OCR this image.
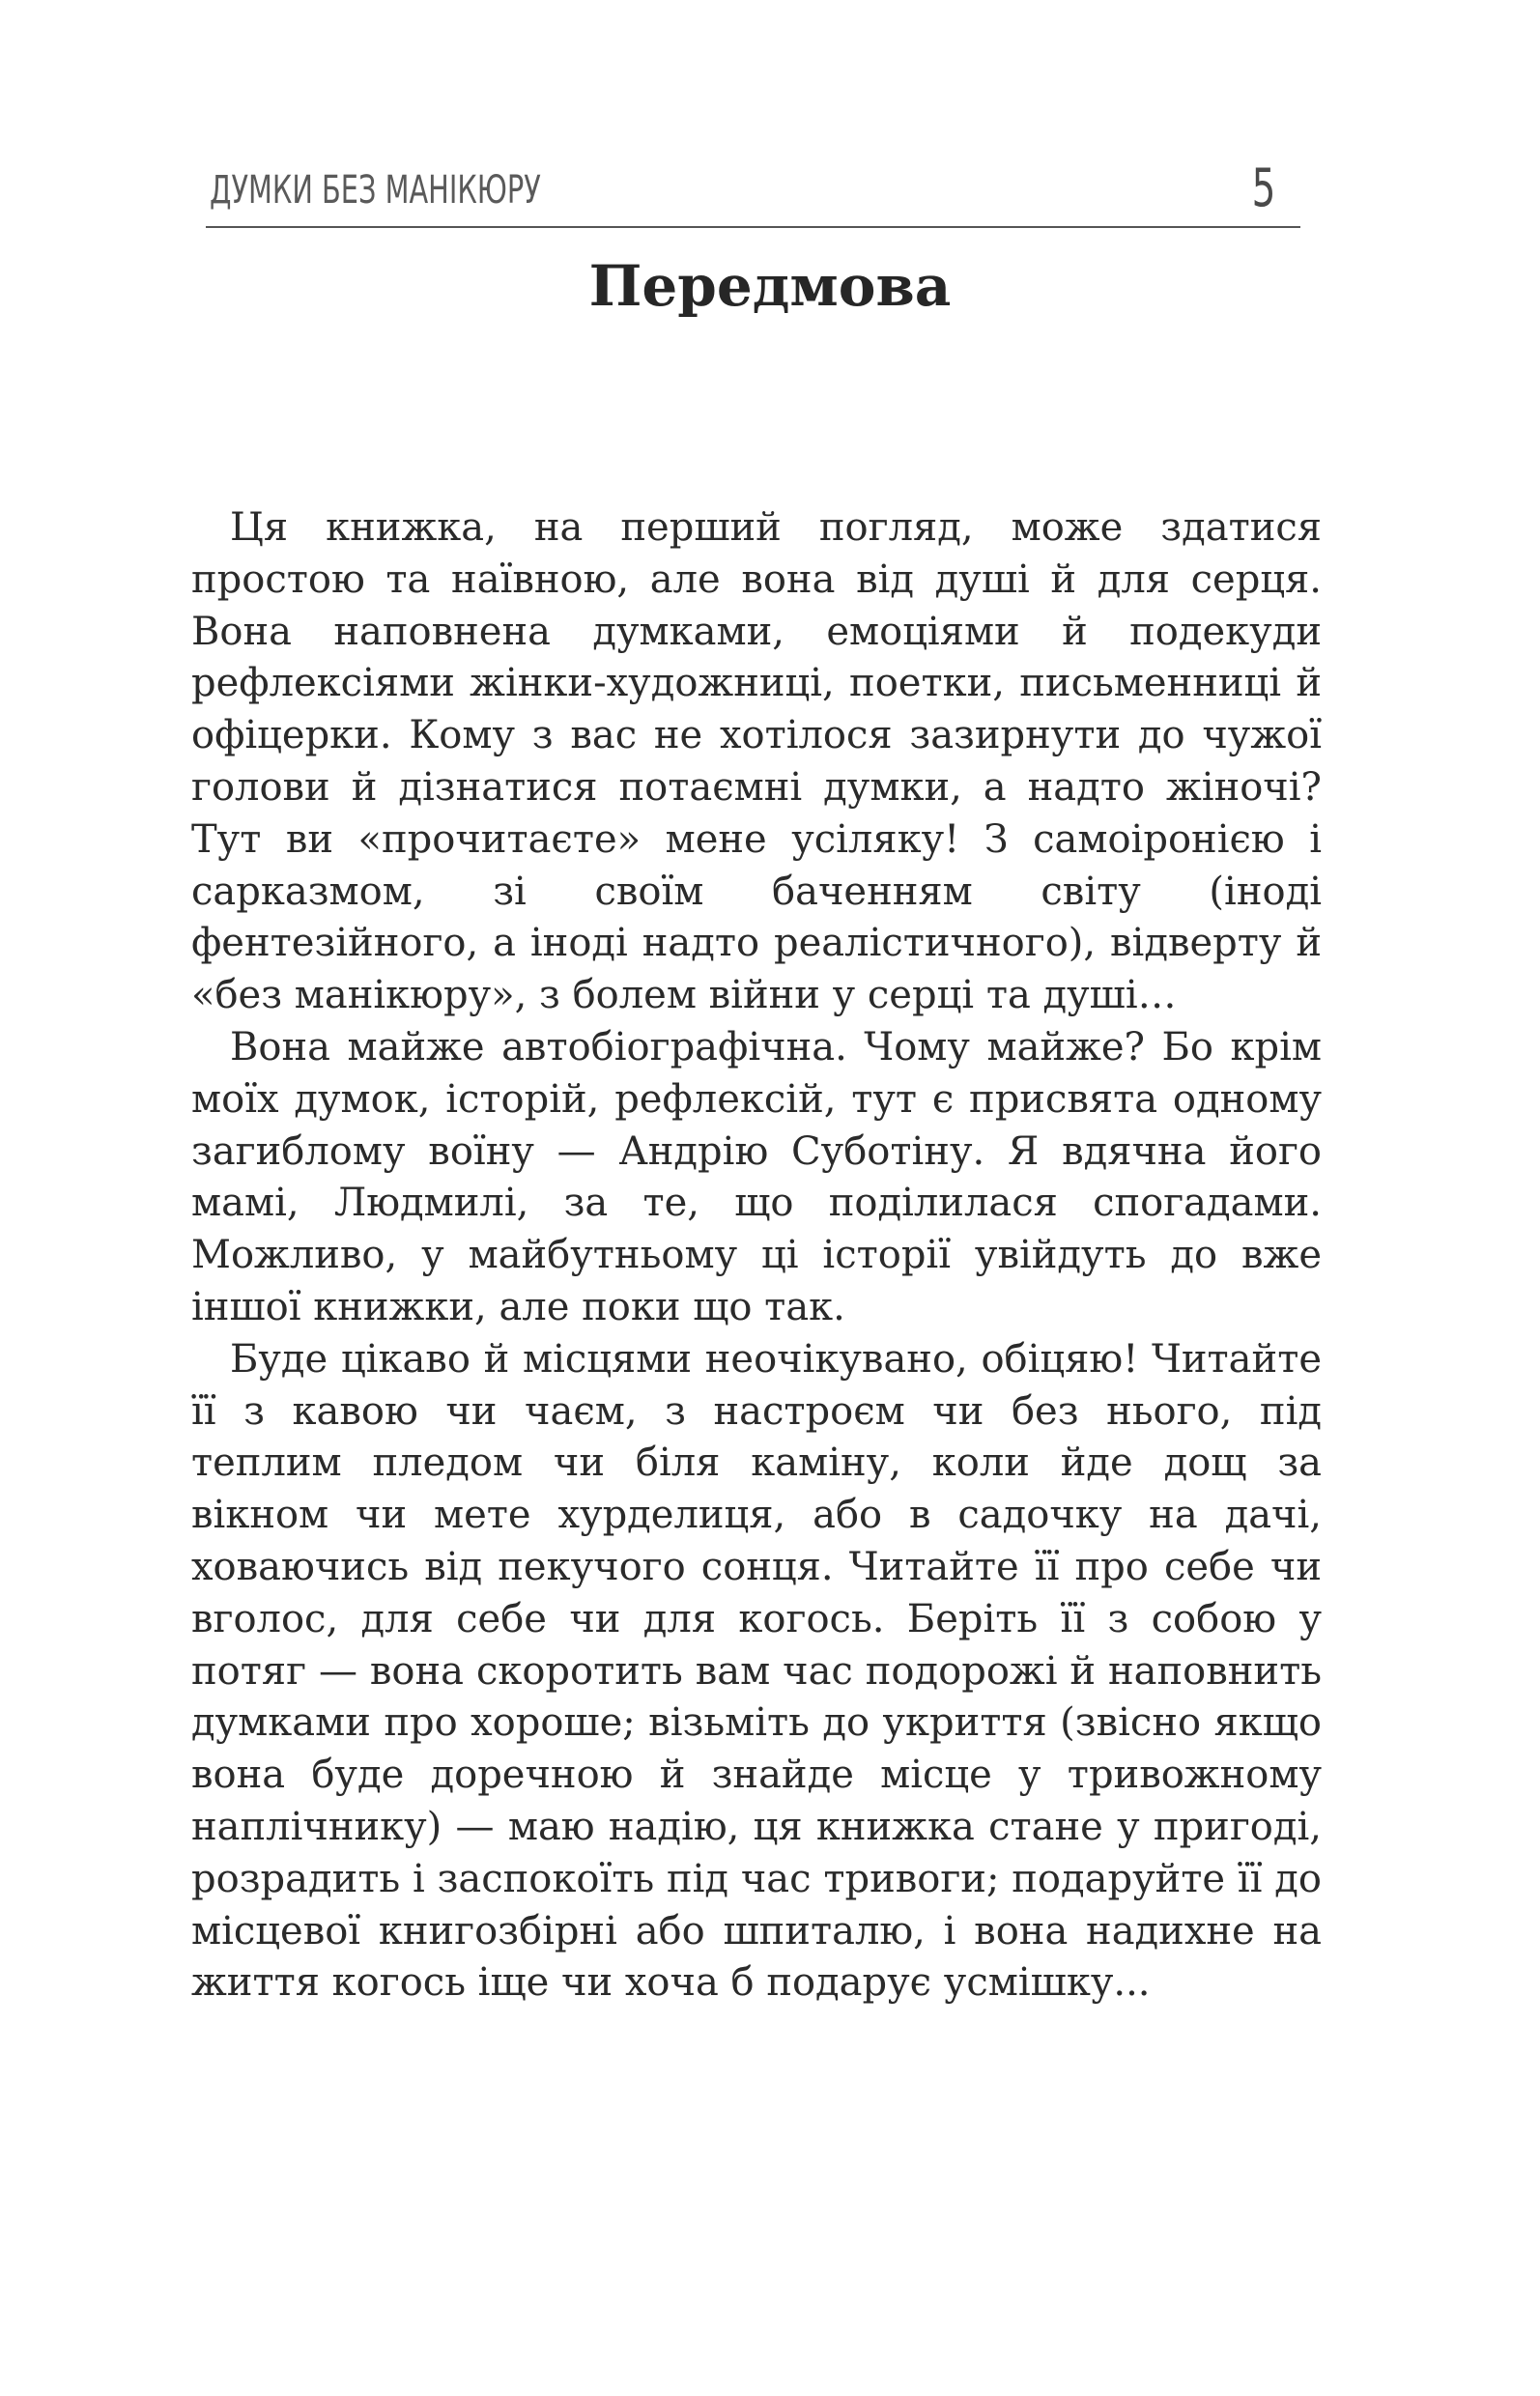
ДУМКИ БЕЗ МАНІКЮРУ	5
Передмова

Ця книжка, на перший погляд, може здатися простою та наївною, але вона від душі й для серця. Вона наповнена думками, емоціями й подекуди рефлексіями жінки-художниці, поетки, письменниці й офіцерки. Кому з вас не хотілося зазирнути до чужої голови й дізнатися потаємні думки, а надто жіночі? Тут ви «прочитаєте» мене усіляку! З самоіронією і сарказмом, зі своїм баченням світу (іноді фентезійного, а іноді надто реалістичного), відверту й «без манікюру», з болем війни у серці та душі…

Вона майже автобіографічна. Чому майже? Бо крім моїх думок, історій, рефлексій, тут є присвята одному загиблому воїну — Андрію Суботіну. Я вдячна його мамі, Людмилі, за те, що поділилася спогадами. Можливо, у майбутньому ці історії увійдуть до вже іншої книжки, але поки що так.

Буде цікаво й місцями неочікувано, обіцяю! Читайте її з кавою чи чаєм, з настроєм чи без нього, під теплим пледом чи біля каміну, коли йде дощ за вікном чи мете хурделиця, або в садочку на дачі, ховаючись від пекучого сонця. Читайте її про себе чи вголос, для себе чи для когось. Беріть її з собою у потяг — вона скоротить вам час подорожі й наповнить думками про хороше; візьміть до укриття (звісно якщо вона буде доречною й знайде місце у тривожному наплічнику) — маю надію, ця книжка стане у пригоді, розрадить і заспокоїть під час тривоги; подаруйте її до місцевої книгозбірні або шпиталю, і вона надихне на життя когось іще чи хоча б подарує усмішку...
